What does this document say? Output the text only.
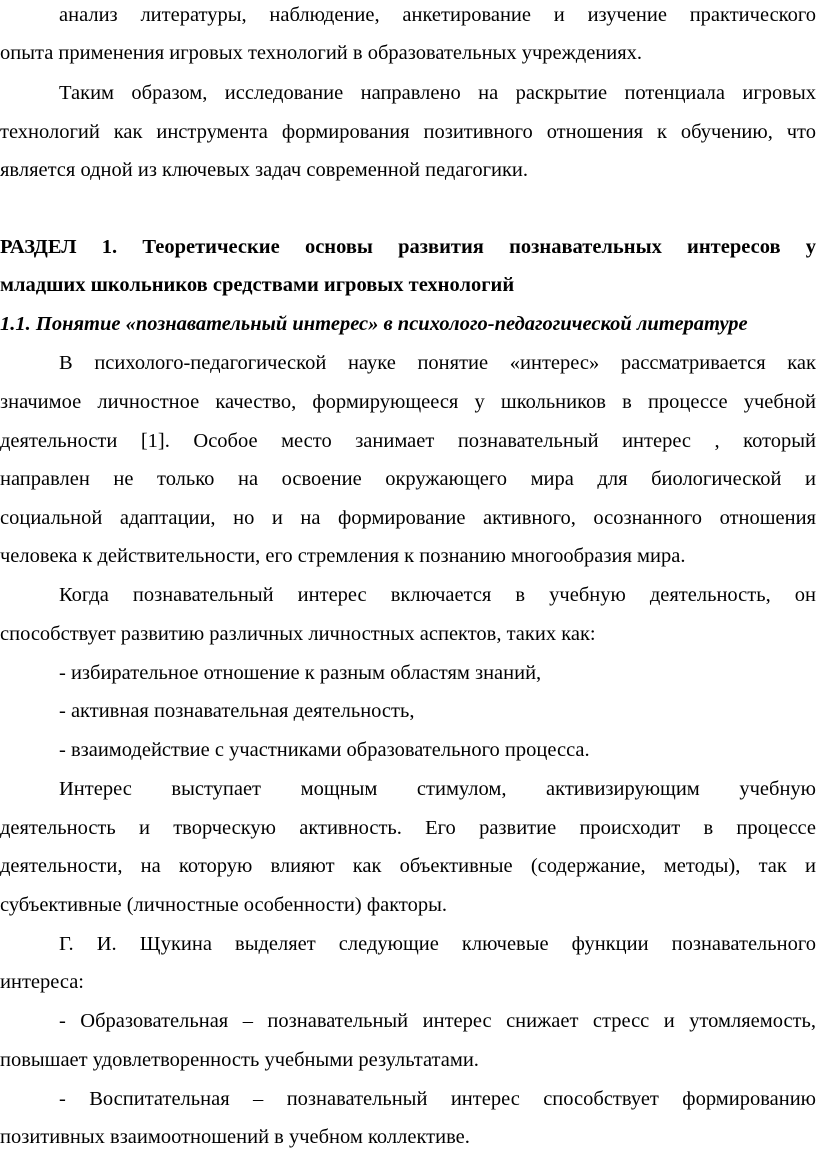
анализ литературы, наблюдение, анкетирование и изучение практического
опыта применения игровых технологий в образовательных учреждениях.
Таким образом, исследование направлено на раскрытие потенциала игровых
технологий как инструмента формирования позитивного отношения к обучению, что
является одной из ключевых задач современной педагогики.
РАЗДЕЛ 1. Теоретические основы развития познавательных интересов у
младших школьников средствами игровых технологий
1.1. Понятие «познавательный интерес» в психолого-педагогической литературе
В психолого-педагогической науке понятие «интерес» рассматривается как
значимое личностное качество, формирующееся у школьников в процессе учебной
деятельности [1]. Особое место занимает познавательный интерес , который
направлен не только на освоение окружающего мира для биологической и
социальной адаптации, но и на формирование активного, осознанного отношения
человека к действительности, его стремления к познанию многообразия мира.
Когда познавательный интерес включается в учебную деятельность, он
способствует развитию различных личностных аспектов, таких как:
- избирательное отношение к разным областям знаний,
- активная познавательная деятельность,
- взаимодействие с участниками образовательного процесса.
Интерес выступает мощным стимулом, активизирующим учебную
деятельность и творческую активность. Его развитие происходит в процессе
деятельности, на которую влияют как объективные (содержание, методы), так и
субъективные (личностные особенности) факторы.
Г. И. Щукина выделяет следующие ключевые функции познавательного
интереса:
- Образовательная – познавательный интерес снижает стресс и утомляемость,
повышает удовлетворенность учебными результатами.
- Воспитательная – познавательный интерес способствует формированию
позитивных взаимоотношений в учебном коллективе.
